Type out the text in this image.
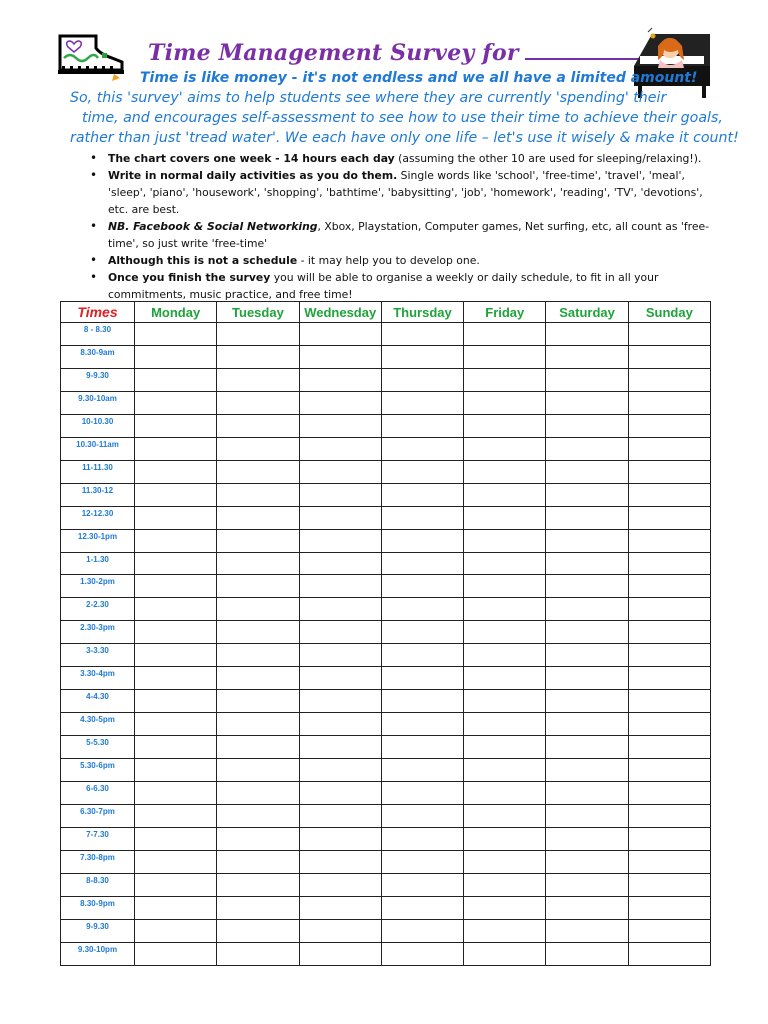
Time Management Survey for
Time is like money - it's not endless and we all have a limited amount!
So, this 'survey' aims to help students see where they are currently 'spending' their
time, and encourages self-assessment to see how to use their time to achieve their goals,
rather than just 'tread water'. We each have only one life – let's use it wisely & make it count!
• The chart covers one week - 14 hours each day (assuming the other 10 are used for sleeping/relaxing!).
• Write in normal daily activities as you do them. Single words like 'school', 'free-time', 'travel', 'meal', 'sleep', 'piano', 'housework', 'shopping', 'bathtime', 'babysitting', 'job', 'homework', 'reading', 'TV', 'devotions', etc. are best.
• NB. Facebook & Social Networking, Xbox, Playstation, Computer games, Net surfing, etc, all count as 'free-time', so just write 'free-time'
• Although this is not a schedule - it may help you to develop one.
• Once you finish the survey you will be able to organise a weekly or daily schedule, to fit in all your commitments, music practice, and free time!
Times	Monday	Tuesday	Wednesday	Thursday	Friday	Saturday	Sunday
8 - 8.30							
8.30-9am							
9-9.30							
9.30-10am							
10-10.30							
10.30-11am							
11-11.30							
11.30-12							
12-12.30							
12.30-1pm							
1-1.30							
1.30-2pm							
2-2.30							
2.30-3pm							
3-3.30							
3.30-4pm							
4-4.30							
4.30-5pm							
5-5.30							
5.30-6pm							
6-6.30							
6.30-7pm							
7-7.30							
7.30-8pm							
8-8.30							
8.30-9pm							
9-9.30							
9.30-10pm							
